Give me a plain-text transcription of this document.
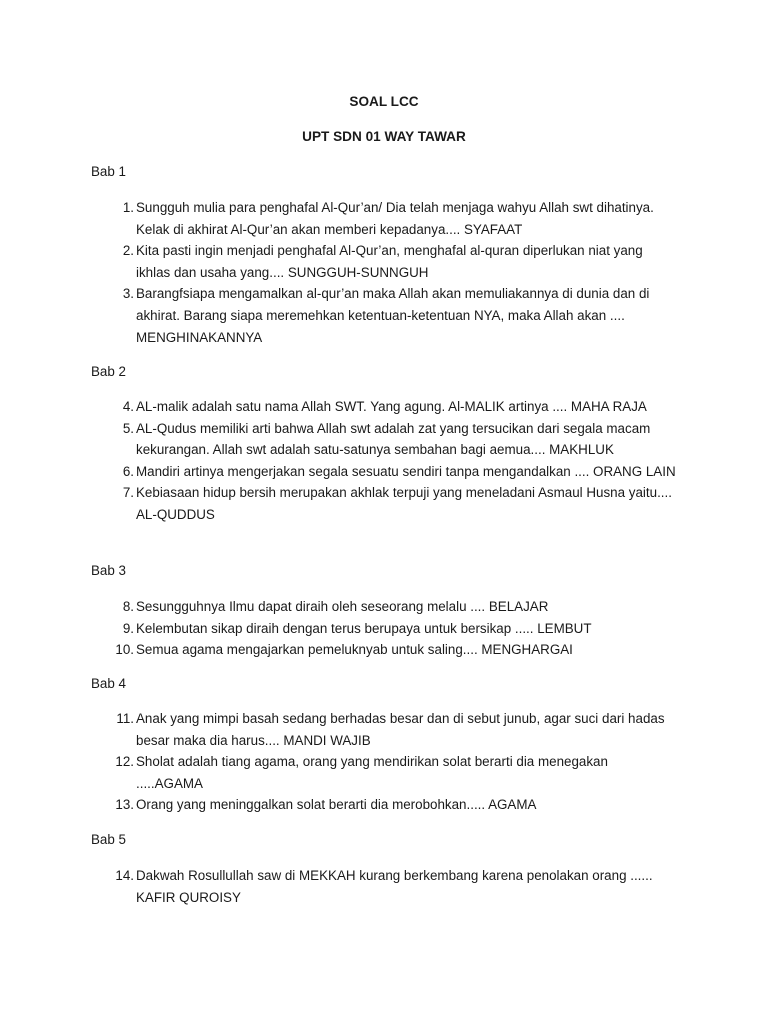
SOAL LCC
UPT SDN 01 WAY TAWAR
Bab 1
1. Sungguh mulia para penghafal Al-Qur’an/ Dia telah menjaga wahyu Allah swt dihatinya. Kelak di akhirat Al-Qur’an akan memberi kepadanya.... SYAFAAT
2. Kita pasti ingin menjadi penghafal Al-Qur’an, menghafal al-quran diperlukan niat yang ikhlas dan usaha yang.... SUNGGUH-SUNNGUH
3. Barangfsiapa mengamalkan al-qur’an maka Allah akan memuliakannya di dunia dan di akhirat. Barang siapa meremehkan ketentuan-ketentuan NYA, maka Allah akan .... MENGHINAKANNYA
Bab 2
4. AL-malik adalah satu nama Allah SWT. Yang agung. Al-MALIK artinya .... MAHA RAJA
5. AL-Qudus memiliki arti bahwa Allah swt adalah zat yang tersucikan dari segala macam kekurangan. Allah swt adalah satu-satunya sembahan bagi aemua.... MAKHLUK
6. Mandiri artinya mengerjakan segala sesuatu sendiri tanpa mengandalkan .... ORANG LAIN
7. Kebiasaan hidup bersih merupakan akhlak terpuji yang meneladani Asmaul Husna yaitu.... AL-QUDDUS
Bab 3
8. Sesungguhnya Ilmu dapat diraih oleh seseorang melalu .... BELAJAR
9. Kelembutan sikap diraih dengan terus berupaya untuk bersikap ..... LEMBUT
10. Semua agama mengajarkan pemeluknyab untuk saling.... MENGHARGAI
Bab 4
11. Anak yang mimpi basah sedang berhadas besar dan di sebut junub, agar suci dari hadas besar maka dia harus.... MANDI WAJIB
12. Sholat adalah tiang agama, orang yang mendirikan solat berarti dia menegakan .....AGAMA
13. Orang yang meninggalkan solat berarti dia merobohkan..... AGAMA
Bab 5
14. Dakwah Rosullullah saw di MEKKAH kurang berkembang karena penolakan orang ...... KAFIR QUROISY
